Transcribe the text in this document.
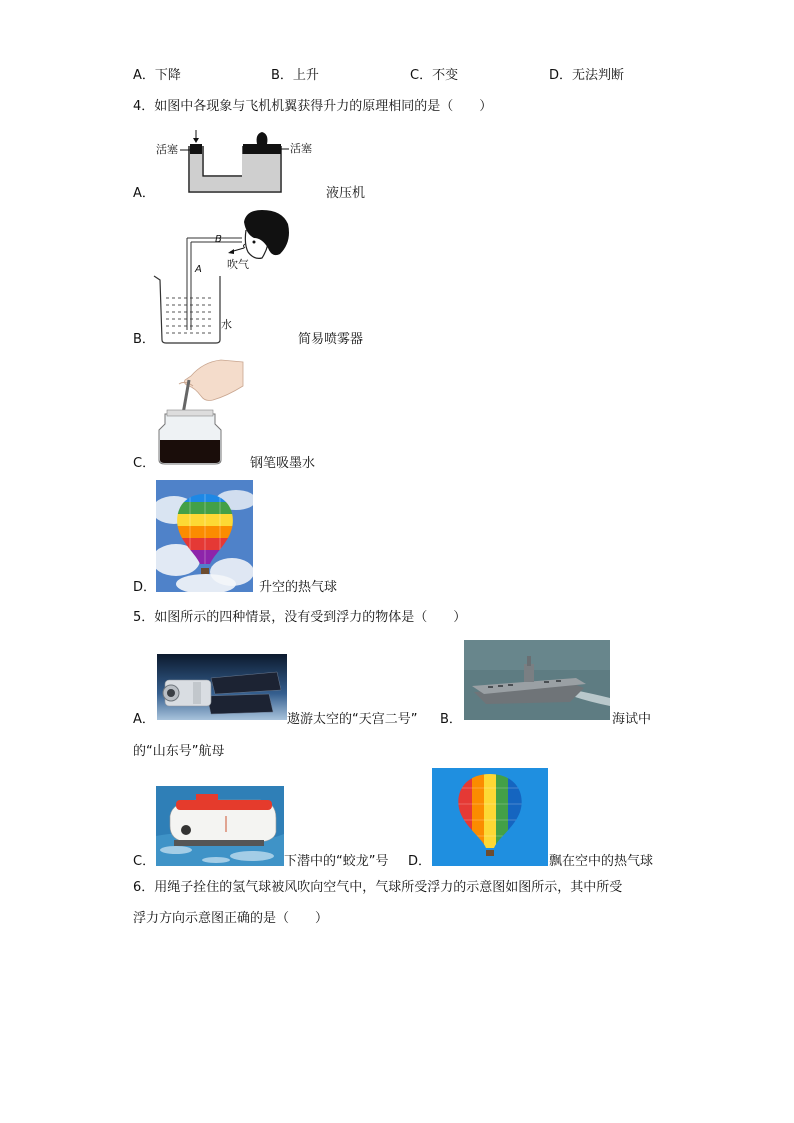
A．下降	B．上升	C．不变	D．无法判断
4．如图中各现象与飞机机翼获得升力的原理相同的是（　　）
活塞	活塞
A．	液压机
B
A 吹气
水
B．	简易喷雾器
C．	钢笔吸墨水
D．	升空的热气球
5．如图所示的四种情景，没有受到浮力的物体是（　　）
A．	遨游太空的“天宫二号” B．	海试中
的“山东号”航母
C．	下潜中的“蛟龙”号 D．	飘在空中的热气球
6．用绳子拴住的氢气球被风吹向空气中，气球所受浮力的示意图如图所示，其中所受
浮力方向示意图正确的是（　　）
